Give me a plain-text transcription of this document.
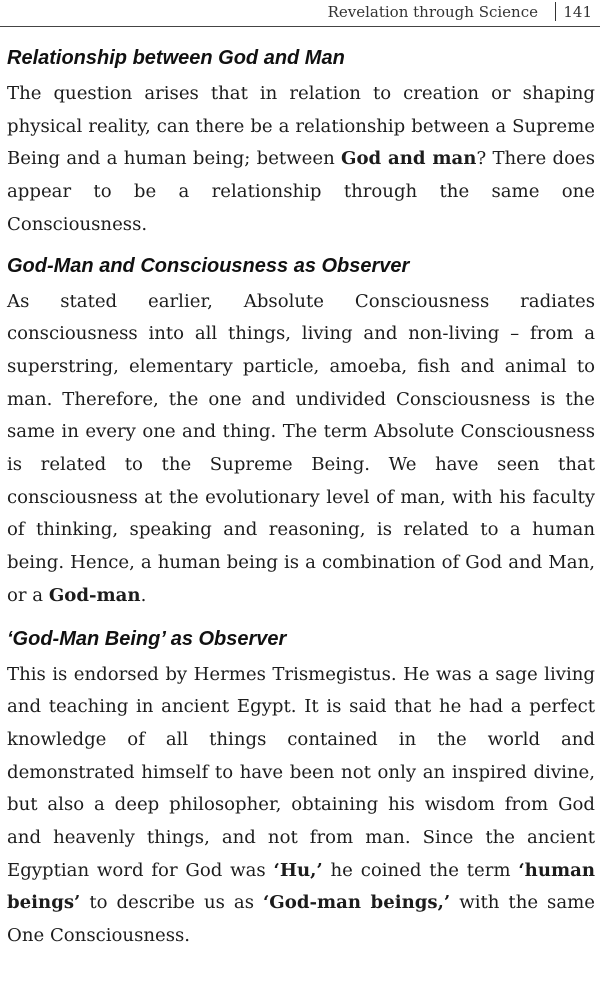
Revelation through Science 141
Relationship between God and Man

The question arises that in relation to creation or shaping physical reality, can there be a relationship between a Supreme Being and a human being; between God and man? There does appear to be a relationship through the same one Consciousness.

God-Man and Consciousness as Observer

As stated earlier, Absolute Consciousness radiates consciousness into all things, living and non-living – from a superstring, elementary particle, amoeba, fish and animal to man. Therefore, the one and undivided Consciousness is the same in every one and thing. The term Absolute Consciousness is related to the Supreme Being. We have seen that consciousness at the evolutionary level of man, with his faculty of thinking, speaking and reasoning, is related to a human being. Hence, a human being is a combination of God and Man, or a God-man.

‘God-Man Being’ as Observer

This is endorsed by Hermes Trismegistus. He was a sage living and teaching in ancient Egypt. It is said that he had a perfect knowledge of all things contained in the world and demonstrated himself to have been not only an inspired divine, but also a deep philosopher, obtaining his wisdom from God and heavenly things, and not from man. Since the ancient Egyptian word for God was ‘Hu,’ he coined the term ‘human beings’ to describe us as ‘God-man beings,’ with the same One Consciousness.
